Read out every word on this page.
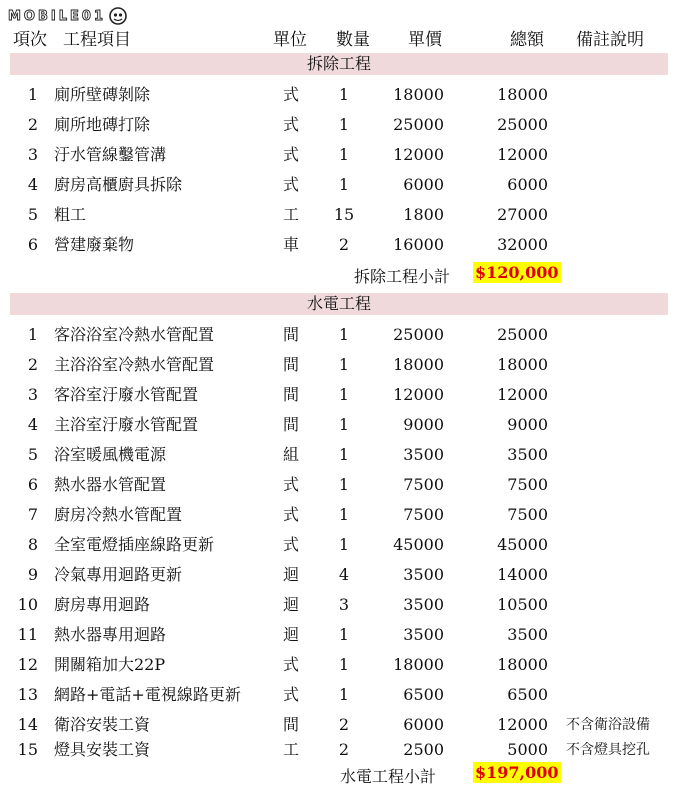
MOBILE01
項次 工程項目	單位 數量 單價	總額 備註說明
拆除工程
1 廁所壁磚剝除	式	1	18000	18000
2 廁所地磚打除	式	1	25000	25000
3 汙水管線鑿管溝	式	1	12000	12000
4 廚房高櫃廚具拆除	式	1	6000	6000
5 粗工	工 15	1800	27000
6 營建廢棄物	車	2	16000	32000
拆除工程小計 $120,000
水電工程
1 客浴浴室冷熱水管配置	間	1	25000	25000
2 主浴浴室冷熱水管配置	間	1	18000	18000
3 客浴室汙廢水管配置	間	1	12000	12000
4 主浴室汙廢水管配置	間	1	9000	9000
5 浴室暖風機電源	組	1	3500	3500
6 熱水器水管配置	式	1	7500	7500
7 廚房冷熱水管配置	式	1	7500	7500
8 全室電燈插座線路更新	式	1	45000	45000
9 冷氣專用迴路更新	迴	4	3500	14000
10 廚房專用迴路	迴	3	3500	10500
11 熱水器專用迴路	迴	1	3500	3500
12 開關箱加大22P	式	1	18000	18000
13 網路+電話+電視線路更新	式	1	6500	6500
14 衛浴安裝工資	間	2	6000	12000 不含衛浴設備
15 燈具安裝工資	工	2	2500	5000 不含燈具挖孔
水電工程小計 $197,000
